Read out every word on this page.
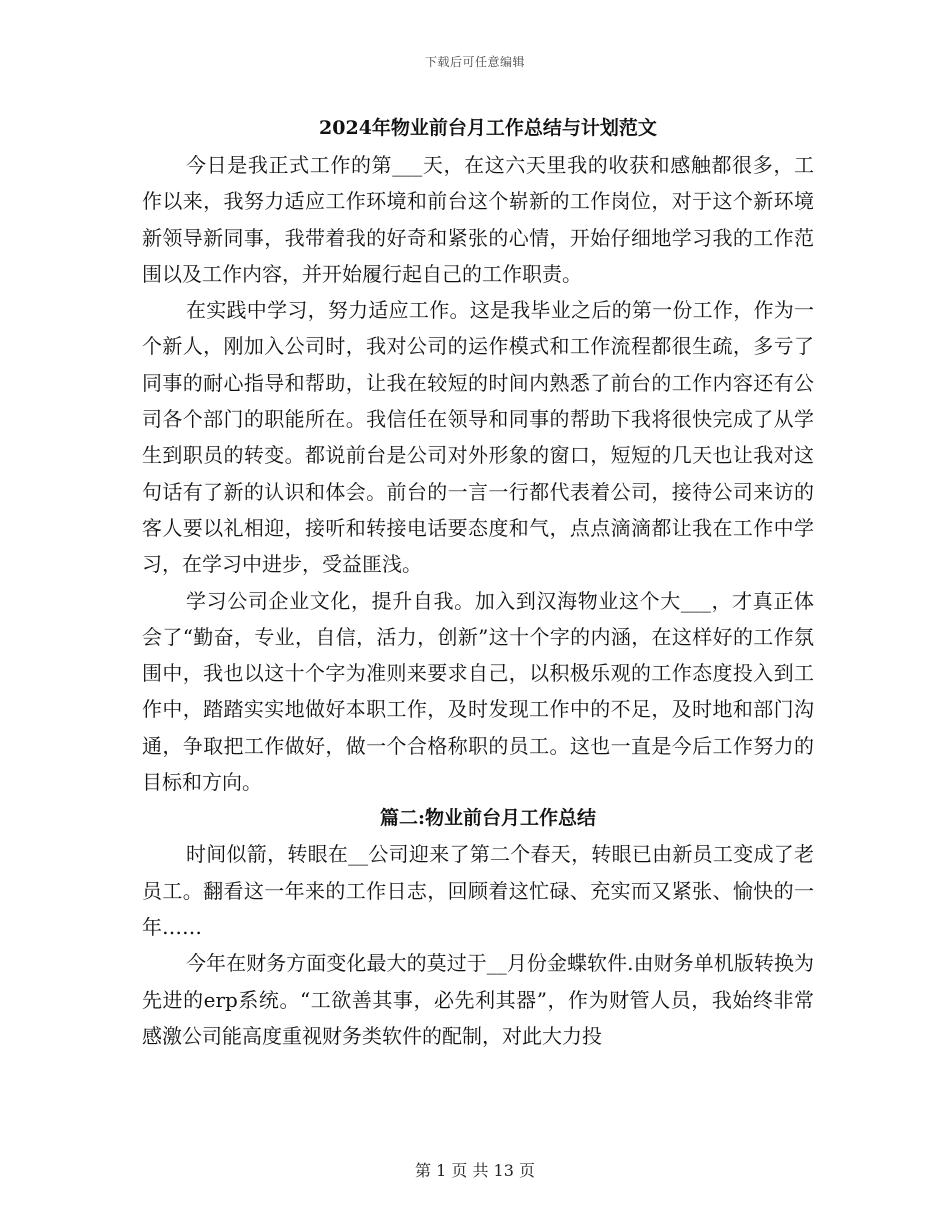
下载后可任意编辑
2024年物业前台月工作总结与计划范文

今日是我正式工作的第___天，在这六天里我的收获和感触都很多，工作以来，我努力适应工作环境和前台这个崭新的工作岗位，对于这个新环境新领导新同事，我带着我的好奇和紧张的心情，开始仔细地学习我的工作范围以及工作内容，并开始履行起自己的工作职责。

在实践中学习，努力适应工作。这是我毕业之后的第一份工作，作为一个新人，刚加入公司时，我对公司的运作模式和工作流程都很生疏，多亏了同事的耐心指导和帮助，让我在较短的时间内熟悉了前台的工作内容还有公司各个部门的职能所在。我信任在领导和同事的帮助下我将很快完成了从学生到职员的转变。都说前台是公司对外形象的窗口，短短的几天也让我对这句话有了新的认识和体会。前台的一言一行都代表着公司，接待公司来访的客人要以礼相迎，接听和转接电话要态度和气，点点滴滴都让我在工作中学习，在学习中进步，受益匪浅。

学习公司企业文化，提升自我。加入到汉海物业这个大___，才真正体会了“勤奋，专业，自信，活力，创新”这十个字的内涵，在这样好的工作氛围中，我也以这十个字为准则来要求自己，以积极乐观的工作态度投入到工作中，踏踏实实地做好本职工作，及时发现工作中的不足，及时地和部门沟通，争取把工作做好，做一个合格称职的员工。这也一直是今后工作努力的目标和方向。

篇二:物业前台月工作总结

时间似箭，转眼在__公司迎来了第二个春天，转眼已由新员工变成了老员工。翻看这一年来的工作日志，回顾着这忙碌、充实而又紧张、愉快的一年……

今年在财务方面变化最大的莫过于__月份金蝶软件.由财务单机版转换为先进的erp系统。“工欲善其事，必先利其器”，作为财管人员，我始终非常感激公司能高度重视财务类软件的配制，对此大力投

第 1 页 共 13 页
